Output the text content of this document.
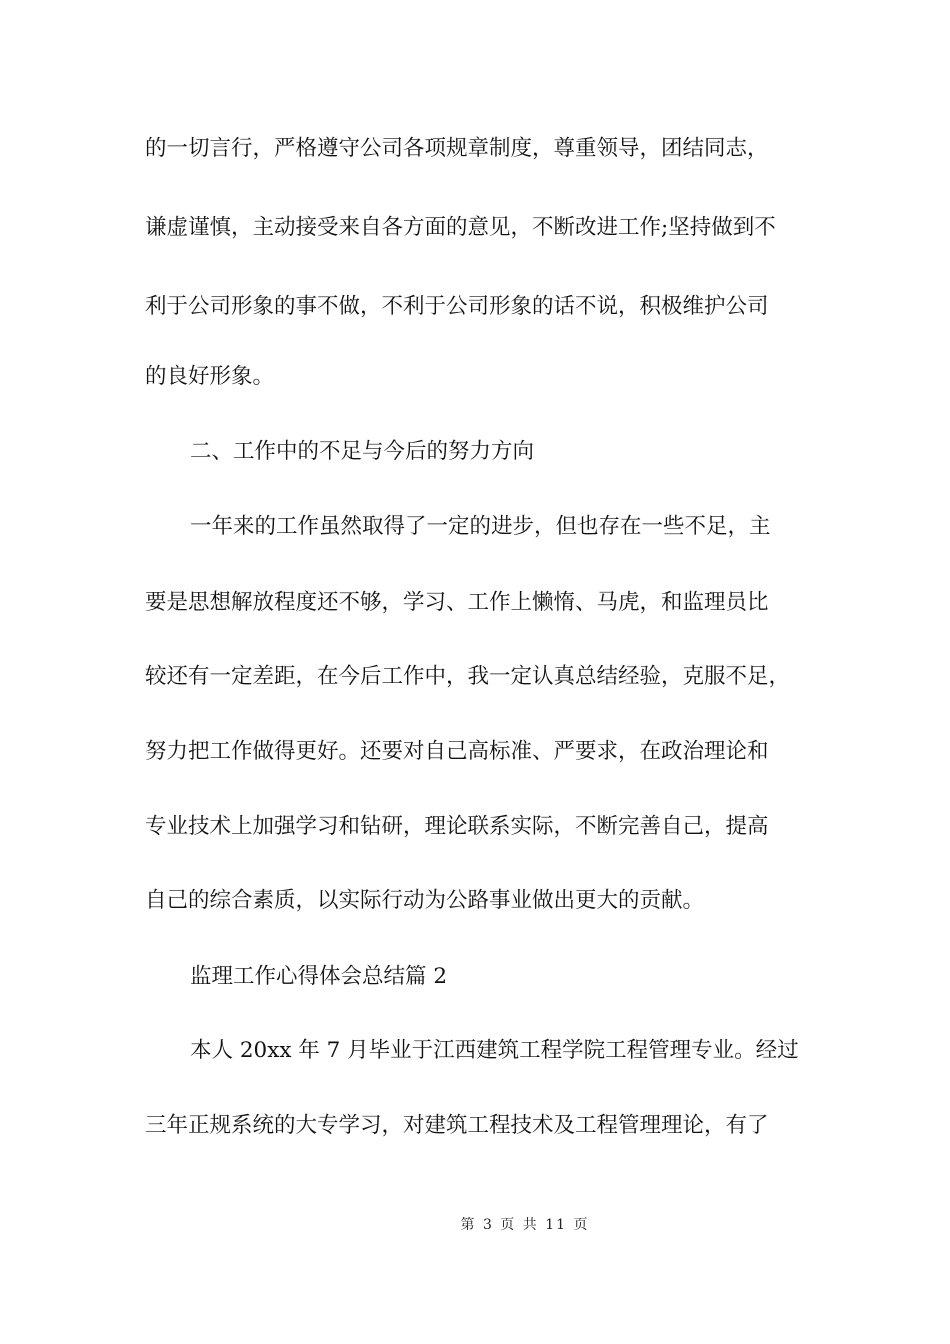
的一切言行，严格遵守公司各项规章制度，尊重领导，团结同志，
谦虚谨慎，主动接受来自各方面的意见，不断改进工作;坚持做到不
利于公司形象的事不做，不利于公司形象的话不说，积极维护公司
的良好形象。
二、工作中的不足与今后的努力方向
一年来的工作虽然取得了一定的进步，但也存在一些不足，主
要是思想解放程度还不够，学习、工作上懒惰、马虎，和监理员比
较还有一定差距，在今后工作中，我一定认真总结经验，克服不足，
努力把工作做得更好。还要对自己高标准、严要求，在政治理论和
专业技术上加强学习和钻研，理论联系实际，不断完善自己，提高
自己的综合素质，以实际行动为公路事业做出更大的贡献。
监理工作心得体会总结篇 2
本人 20xx 年 7 月毕业于江西建筑工程学院工程管理专业。经过
三年正规系统的大专学习，对建筑工程技术及工程管理理论，有了
第 3 页 共 11 页
